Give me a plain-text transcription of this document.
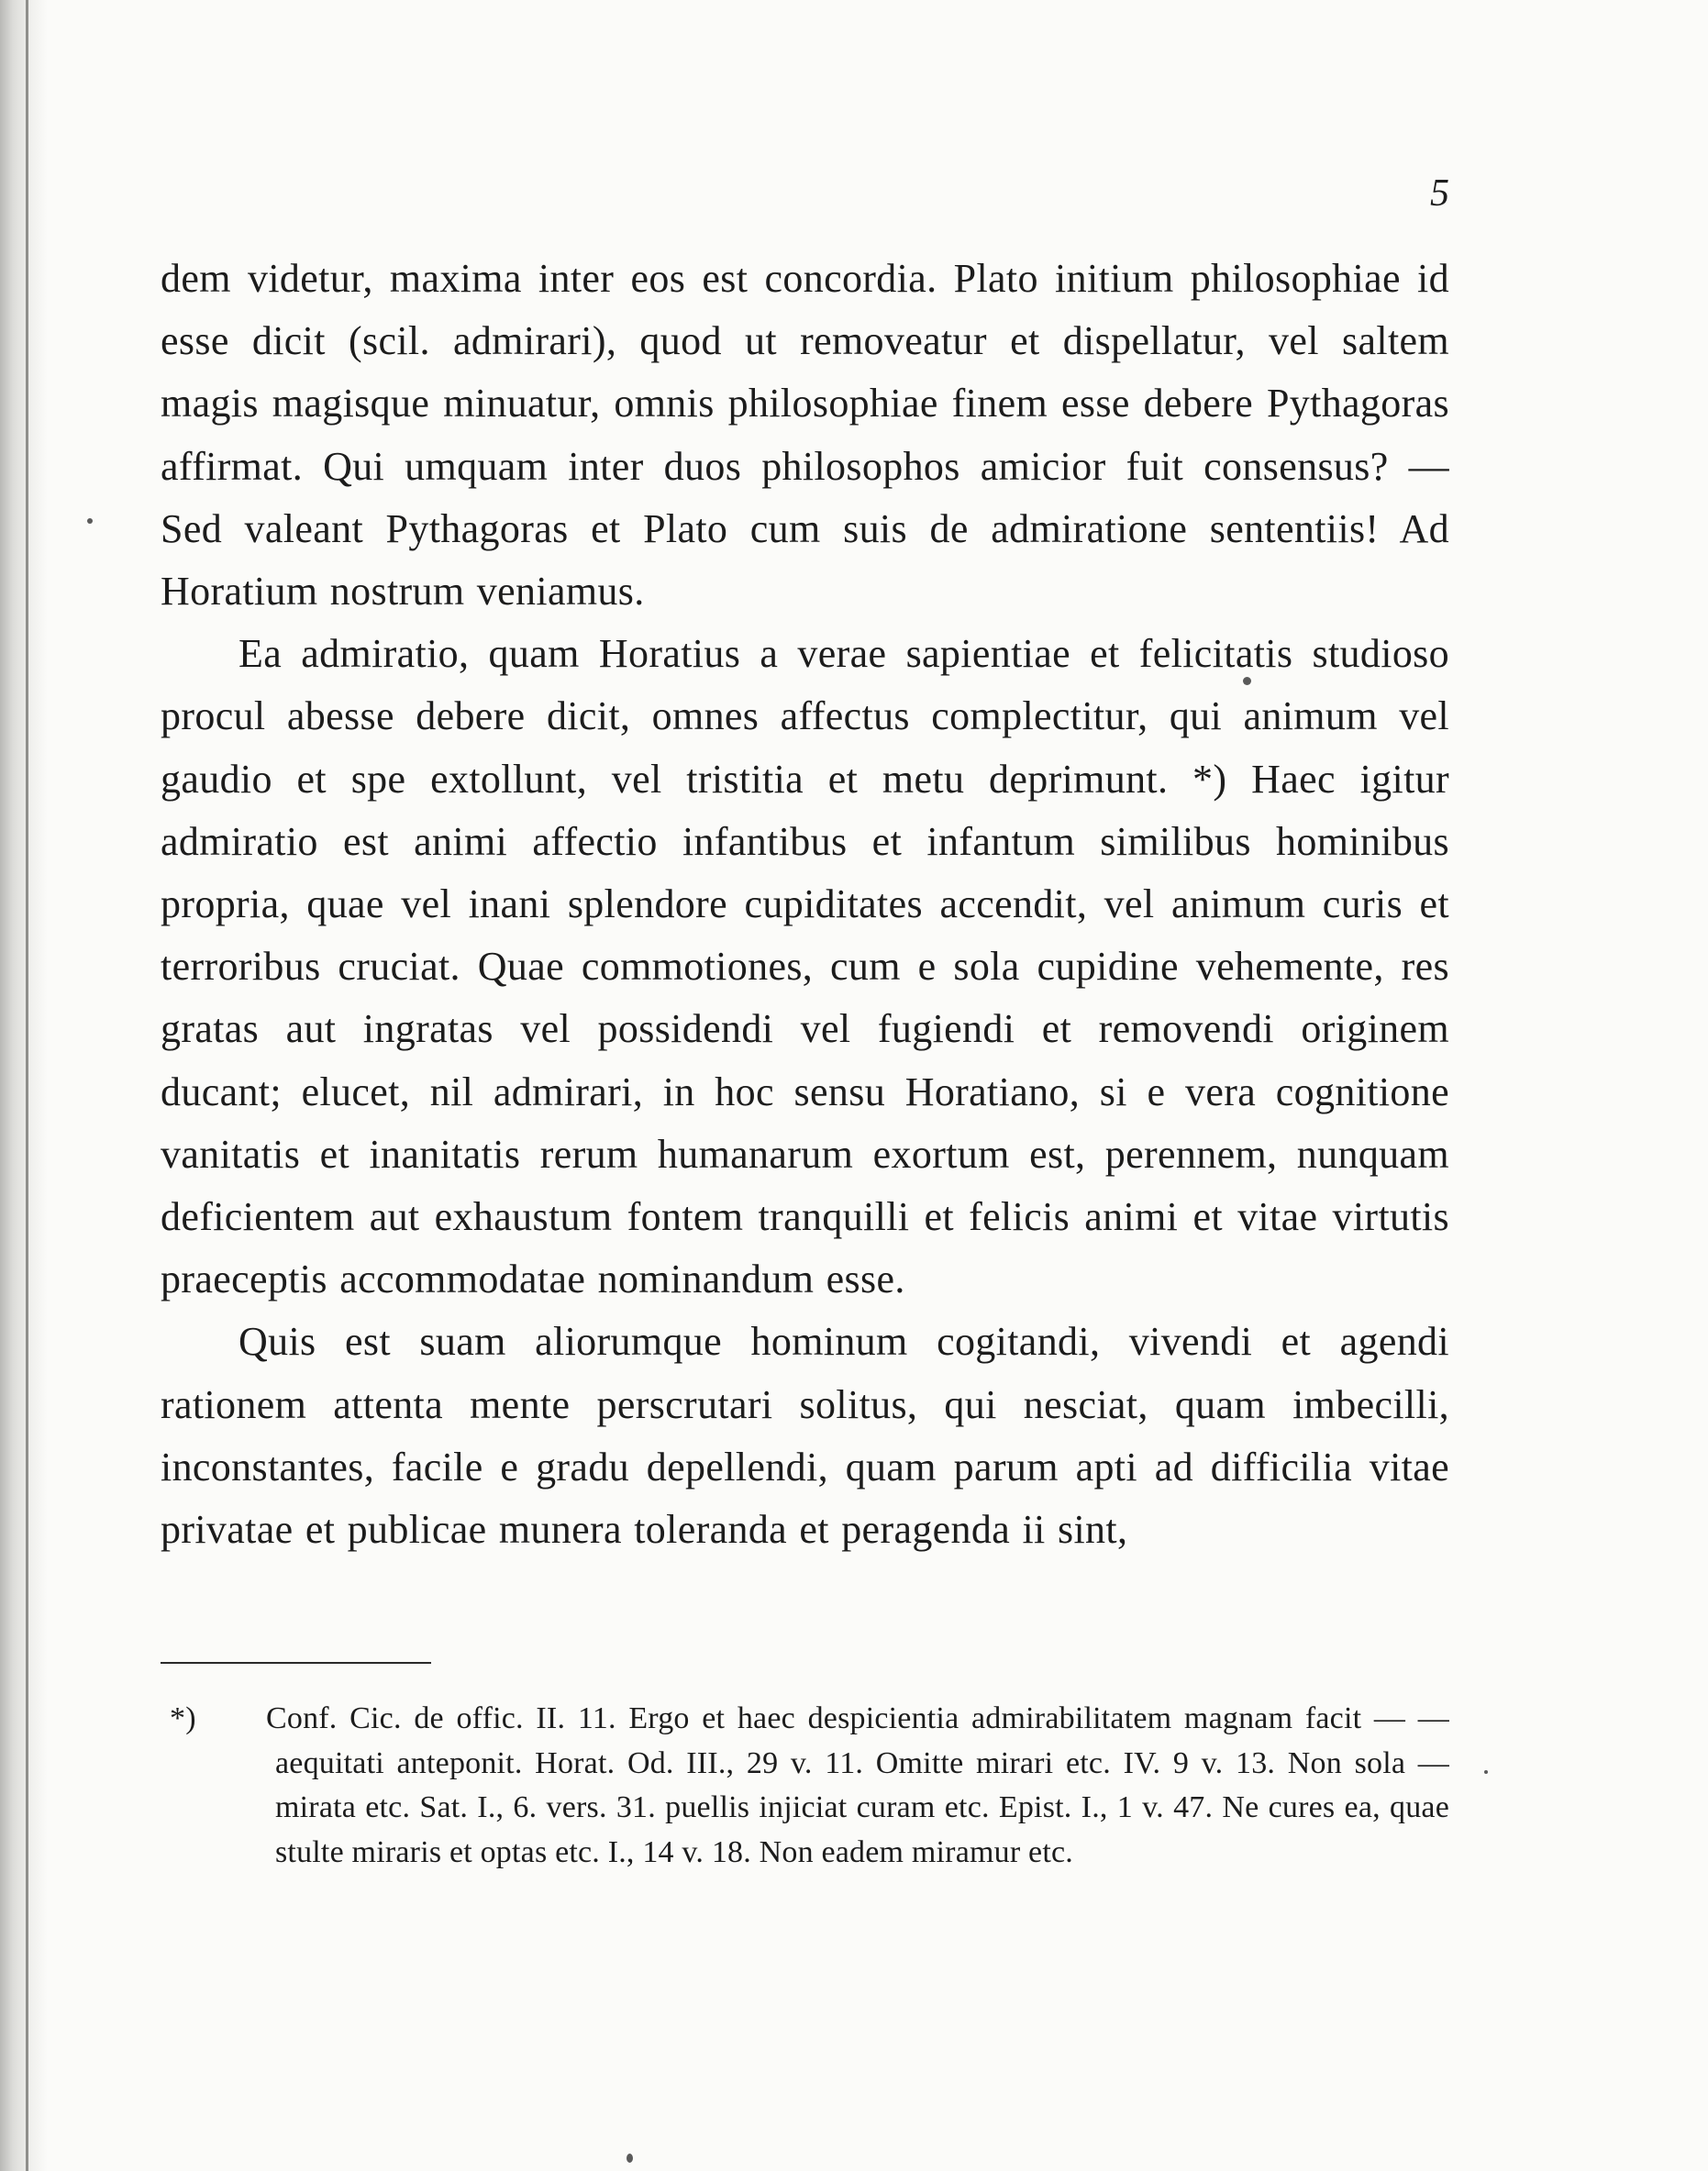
5

dem videtur, maxima inter eos est concordia. Plato initium philosophiae id esse dicit (scil. admirari), quod ut removeatur et dispellatur, vel saltem magis magisque minuatur, omnis philosophiae finem esse debere Pythagoras affirmat. Qui umquam inter duos philosophos amicior fuit consensus? — Sed valeant Pythagoras et Plato cum suis de admiratione sententiis! Ad Horatium nostrum veniamus.

Ea admiratio, quam Horatius a verae sapientiae et felicitatis studioso procul abesse debere dicit, omnes affectus complectitur, qui animum vel gaudio et spe extollunt, vel tristitia et metu deprimunt. *) Haec igitur admiratio est animi affectio infantibus et infantum similibus hominibus propria, quae vel inani splendore cupiditates accendit, vel animum curis et terroribus cruciat. Quae commotiones, cum e sola cupidine vehemente, res gratas aut ingratas vel possidendi vel fugiendi et removendi originem ducant; elucet, nil admirari, in hoc sensu Horatiano, si e vera cognitione vanitatis et inanitatis rerum humanarum exortum est, perennem, nunquam deficientem aut exhaustum fontem tranquilli et felicis animi et vitae virtutis praeceptis accommodatae nominandum esse.

Quis est suam aliorumque hominum cogitandi, vivendi et agendi rationem attenta mente perscrutari solitus, qui nesciat, quam imbecilli, inconstantes, facile e gradu depellendi, quam parum apti ad difficilia vitae privatae et publicae munera toleranda et peragenda ii sint,

*) Conf. Cic. de offic. II. 11. Ergo et haec despicientia admirabilitatem magnam facit — — aequitati anteponit. Horat. Od. III., 29 v. 11. Omitte mirari etc. IV. 9 v. 13. Non sola — mirata etc. Sat. I., 6. vers. 31. puellis injiciat curam etc. Epist. I., 1 v. 47. Ne cures ea, quae stulte miraris et optas etc. I., 14 v. 18. Non eadem miramur etc.
